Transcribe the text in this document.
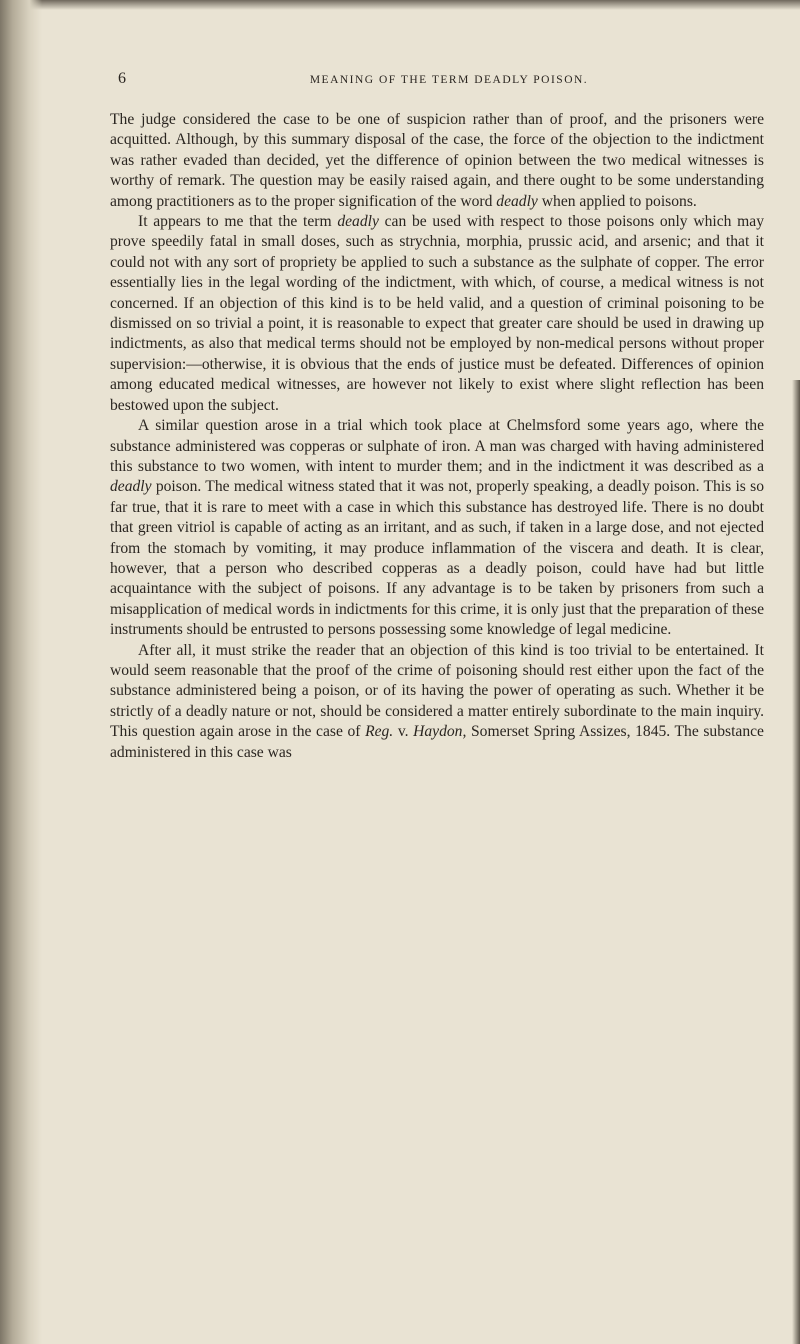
6	MEANING OF THE TERM DEADLY POISON.

The judge considered the case to be one of suspicion rather than of proof, and the prisoners were acquitted. Although, by this summary disposal of the case, the force of the objection to the indictment was rather evaded than decided, yet the difference of opinion between the two medical witnesses is worthy of remark. The question may be easily raised again, and there ought to be some understanding among practitioners as to the proper signification of the word deadly when applied to poisons.

It appears to me that the term deadly can be used with respect to those poisons only which may prove speedily fatal in small doses, such as strychnia, morphia, prussic acid, and arsenic; and that it could not with any sort of propriety be applied to such a substance as the sulphate of copper. The error essentially lies in the legal wording of the indictment, with which, of course, a medical witness is not concerned. If an objection of this kind is to be held valid, and a question of criminal poisoning to be dismissed on so trivial a point, it is reasonable to expect that greater care should be used in drawing up indictments, as also that medical terms should not be employed by non-medical persons without proper supervision:—otherwise, it is obvious that the ends of justice must be defeated. Differences of opinion among educated medical witnesses, are however not likely to exist where slight reflection has been bestowed upon the subject.

A similar question arose in a trial which took place at Chelmsford some years ago, where the substance administered was copperas or sulphate of iron. A man was charged with having administered this substance to two women, with intent to murder them; and in the indictment it was described as a deadly poison. The medical witness stated that it was not, properly speaking, a deadly poison. This is so far true, that it is rare to meet with a case in which this substance has destroyed life. There is no doubt that green vitriol is capable of acting as an irritant, and as such, if taken in a large dose, and not ejected from the stomach by vomiting, it may produce inflammation of the viscera and death. It is clear, however, that a person who described copperas as a deadly poison, could have had but little acquaintance with the subject of poisons. If any advantage is to be taken by prisoners from such a misapplication of medical words in indictments for this crime, it is only just that the preparation of these instruments should be entrusted to persons possessing some knowledge of legal medicine.

After all, it must strike the reader that an objection of this kind is too trivial to be entertained. It would seem reasonable that the proof of the crime of poisoning should rest either upon the fact of the substance administered being a poison, or of its having the power of operating as such. Whether it be strictly of a deadly nature or not, should be considered a matter entirely subordinate to the main inquiry. This question again arose in the case of Reg. v. Haydon, Somerset Spring Assizes, 1845. The substance administered in this case was
